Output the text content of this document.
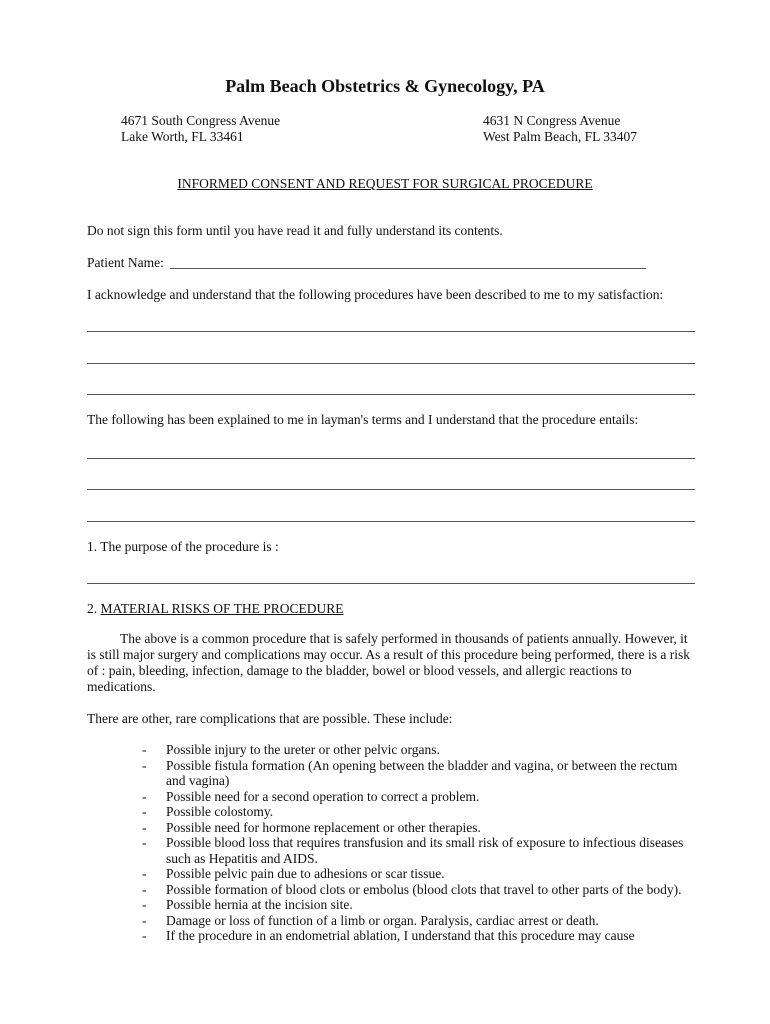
Palm Beach Obstetrics & Gynecology, PA
4671 South Congress Avenue
Lake Worth, FL 33461
4631 N Congress Avenue
West Palm Beach, FL 33407
INFORMED CONSENT AND REQUEST FOR SURGICAL PROCEDURE
Do not sign this form until you have read it and fully understand its contents.
Patient Name:
I acknowledge and understand that the following procedures have been described to me to my satisfaction:
The following has been explained to me in layman's terms and I understand that the procedure entails:
1. The purpose of the procedure is :
2. MATERIAL RISKS OF THE PROCEDURE
The above is a common procedure that is safely performed in thousands of patients annually. However, it is still major surgery and complications may occur. As a result of this procedure being performed, there is a risk of : pain, bleeding, infection, damage to the bladder, bowel or blood vessels, and allergic reactions to medications.
There are other, rare complications that are possible. These include:
- Possible injury to the ureter or other pelvic organs.
- Possible fistula formation (An opening between the bladder and vagina, or between the rectum and vagina)
- Possible need for a second operation to correct a problem.
- Possible colostomy.
- Possible need for hormone replacement or other therapies.
- Possible blood loss that requires transfusion and its small risk of exposure to infectious diseases such as Hepatitis and AIDS.
- Possible pelvic pain due to adhesions or scar tissue.
- Possible formation of blood clots or embolus (blood clots that travel to other parts of the body).
- Possible hernia at the incision site.
- Damage or loss of function of a limb or organ. Paralysis, cardiac arrest or death.
- If the procedure in an endometrial ablation, I understand that this procedure may cause
